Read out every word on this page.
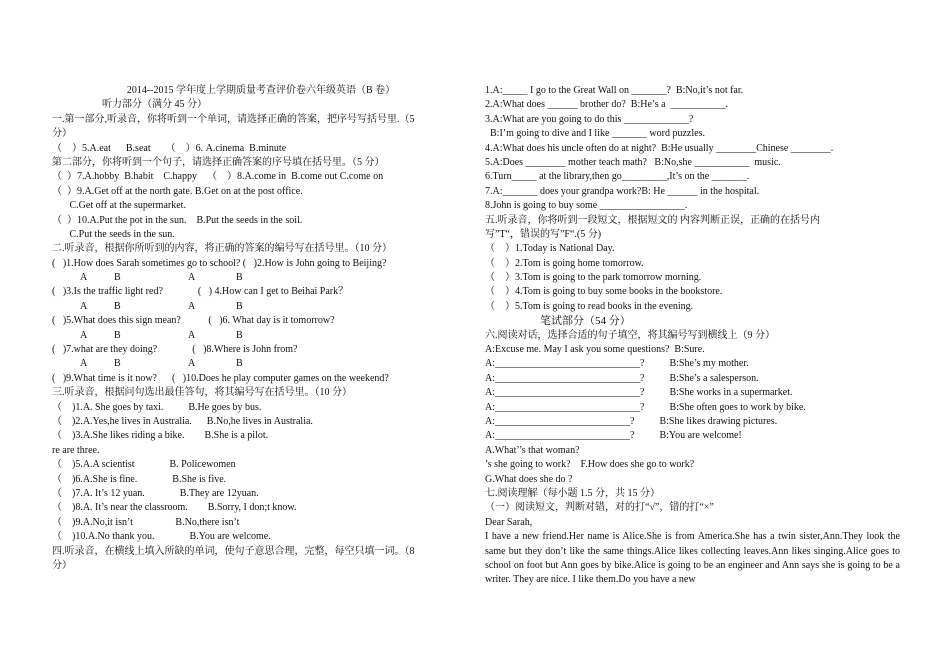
2014--2015 学年度上学期质量考查评价卷六年级英语（B 卷）
听力部分（满分 45 分）
一.第一部分,听录音，你将听到一个单词，请选择正确的答案，把序号写括号里.（5
分）
（    ）5.A.eat      B.seat      （    ）6. A.cinema  B.minute
第二部分，你将听到一个句子，请选择正确答案的序号填在括号里。（5 分）
（  ）7.A.hobby  B.habit    C.happy    （    ）8.A.come in  B.come out C.come on
（  ）9.A.Get off at the north gate. B.Get on at the post office.
C.Get off at the supermarket.
（  ）10.A.Put the pot in the sun.    B.Put the seeds in the soil.
C.Put the seeds in the sun.
二.听录音，根据你所听到的内容，将正确的答案的编号写在括号里。（10 分）
(   )1.How does Sarah sometimes go to school? (   )2.How is John going to Beijing?
A	B	A	B
(   )3.Is the traffic light red?              (   ) 4.How can I get to Beihai Park？
A	B	A	B
(   )5.What does this sign mean?           (   )6. What day is it tomorrow?
A	B	A	B
(   )7.what are they doing?              (   )8.Where is John from?
A	B	A	B
(   )9.What time is it now?      (   )10.Does he play computer games on the weekend?
三.听录音，根据问句选出最佳答句，将其编号写在括号里。（10 分）
（    )1.A. She goes by taxi.          B.He goes by bus.
（    )2.A.Yes,he lives in Australia.      B.No,he lives in Australia.
（    )3.A.She likes riding a bike.        B.She is a pilot.
re are three.
（    )5.A.A scientist              B. Policewomen
（    )6.A.She is fine.              B.She is five.
（    )7.A. It’s 12 yuan.              B.They are 12yuan.
（    )8.A. It’s near the classroom.        B.Sorry, I don;t know.
（    )9.A.No,it isn’t                 B.No,there isn’t
（    )10.A.No thank you.              B.You are welcome.
四.听录音，在横线上填入所缺的单词，使句子意思合理，完整，每空只填一词。（8
分）
1.A:_____ I go to the Great Wall on _______?  B:No,it’s not far.
2.A:What does ______ brother do?  B:He’s a  ___________.
3.A:What are you going to do this _____________?
B:I’m going to dive and I like _______ word puzzles.
4.A:What does his uncle often do at night?  B:He usually ________Chinese ________.
5.A:Does ________ mother teach math?   B:No,she ___________  music.
6.Turn_____ at the library,then go_________,It’s on the _______.
7.A:_______ does your grandpa work?B: He ______ in the hospital.
8.John is going to buy some _________________.
五.听录音，你将听到一段短文，根据短文的 内容判断正误，正确的在括号内
写”T“，错误的写”F“.(5 分)
（    ）1.Today is National Day.
（    ）2.Tom is going home tomorrow.
（    ）3.Tom is going to the park tomorrow morning.
（    ）4.Tom is going to buy some books in the bookstore.
（    ）5.Tom is going to read books in the evening.
笔试部分（54 分）
六.阅读对话，选择合适的句子填空，将其编号写到横线上（9 分）
A:Excuse me. May I ask you some questions?  B:Sure.
A:_____________________________?          B:She’s my mother.
A:_____________________________?          B:She’s a salesperson.
A:_____________________________?          B:She works in a supermarket.
A:_____________________________?          B:She often goes to work by bike.
A:___________________________?          B:She likes drawing pictures.
A:___________________________?          B:You are welcome!
A.What’’s that woman?
’s she going to work?    F.How does she go to work?
G.What does she do ?
七.阅读理解（每小题 1.5 分，共 15 分）
（一）阅读短文，判断对错，对的打“√”，错的打“×”
Dear Sarah,
I have a new friend.Her name is Alice.She is from America.She has a twin sister,Ann.They look the same but they don’t like the same things.Alice likes collecting leaves.Ann likes singing.Alice goes to school on foot but Ann goes by bike.Alice is going to be an engineer and Ann says she is going to be a writer. They are nice. I like them.Do you have a new
